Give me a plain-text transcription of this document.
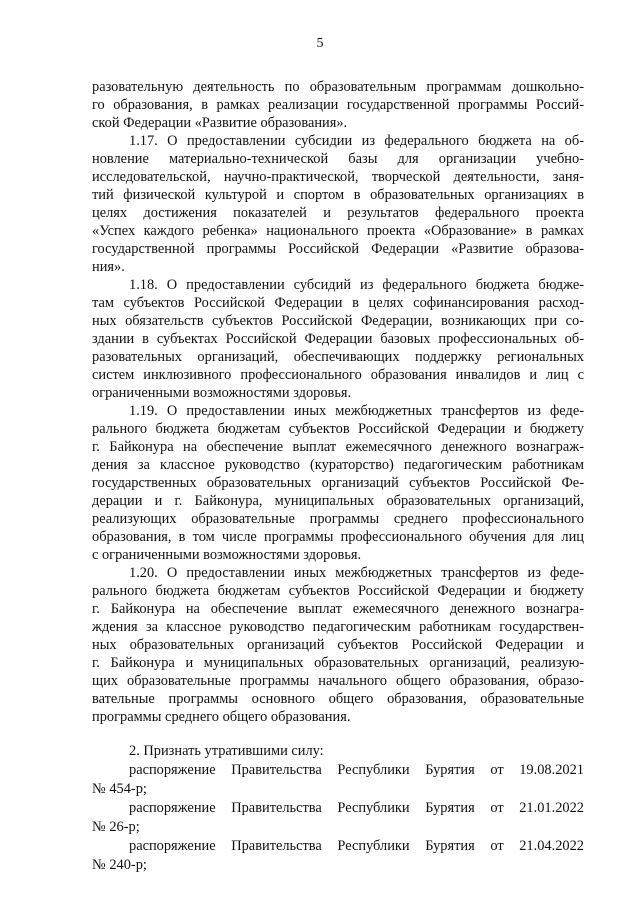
5
разовательную деятельность по образовательным программам дошкольно-
го образования, в рамках реализации государственной программы Россий-
ской Федерации «Развитие образования».
1.17. О предоставлении субсидии из федерального бюджета на об-
новление материально-технической базы для организации учебно-
исследовательской, научно-практической, творческой деятельности, заня-
тий физической культурой и спортом в образовательных организациях в
целях достижения показателей и результатов федерального проекта
«Успех каждого ребенка» национального проекта «Образование» в рамках
государственной программы Российской Федерации «Развитие образова-
ния».
1.18. О предоставлении субсидий из федерального бюджета бюдже-
там субъектов Российской Федерации в целях софинансирования расход-
ных обязательств субъектов Российской Федерации, возникающих при со-
здании в субъектах Российской Федерации базовых профессиональных об-
разовательных организаций, обеспечивающих поддержку региональных
систем инклюзивного профессионального образования инвалидов и лиц с
ограниченными возможностями здоровья.
1.19. О предоставлении иных межбюджетных трансфертов из феде-
рального бюджета бюджетам субъектов Российской Федерации и бюджету
г. Байконура на обеспечение выплат ежемесячного денежного вознаграж-
дения за классное руководство (кураторство) педагогическим работникам
государственных образовательных организаций субъектов Российской Фе-
дерации и г. Байконура, муниципальных образовательных организаций,
реализующих образовательные программы среднего профессионального
образования, в том числе программы профессионального обучения для лиц
с ограниченными возможностями здоровья.
1.20. О предоставлении иных межбюджетных трансфертов из феде-
рального бюджета бюджетам субъектов Российской Федерации и бюджету
г. Байконура на обеспечение выплат ежемесячного денежного вознагра-
ждения за классное руководство педагогическим работникам государствен-
ных образовательных организаций субъектов Российской Федерации и
г. Байконура и муниципальных образовательных организаций, реализую-
щих образовательные программы начального общего образования, образо-
вательные программы основного общего образования, образовательные
программы среднего общего образования.
2. Признать утратившими силу:
распоряжение Правительства Республики Бурятия от 19.08.2021
№ 454-р;
распоряжение Правительства Республики Бурятия от 21.01.2022
№ 26-р;
распоряжение Правительства Республики Бурятия от 21.04.2022
№ 240-р;
